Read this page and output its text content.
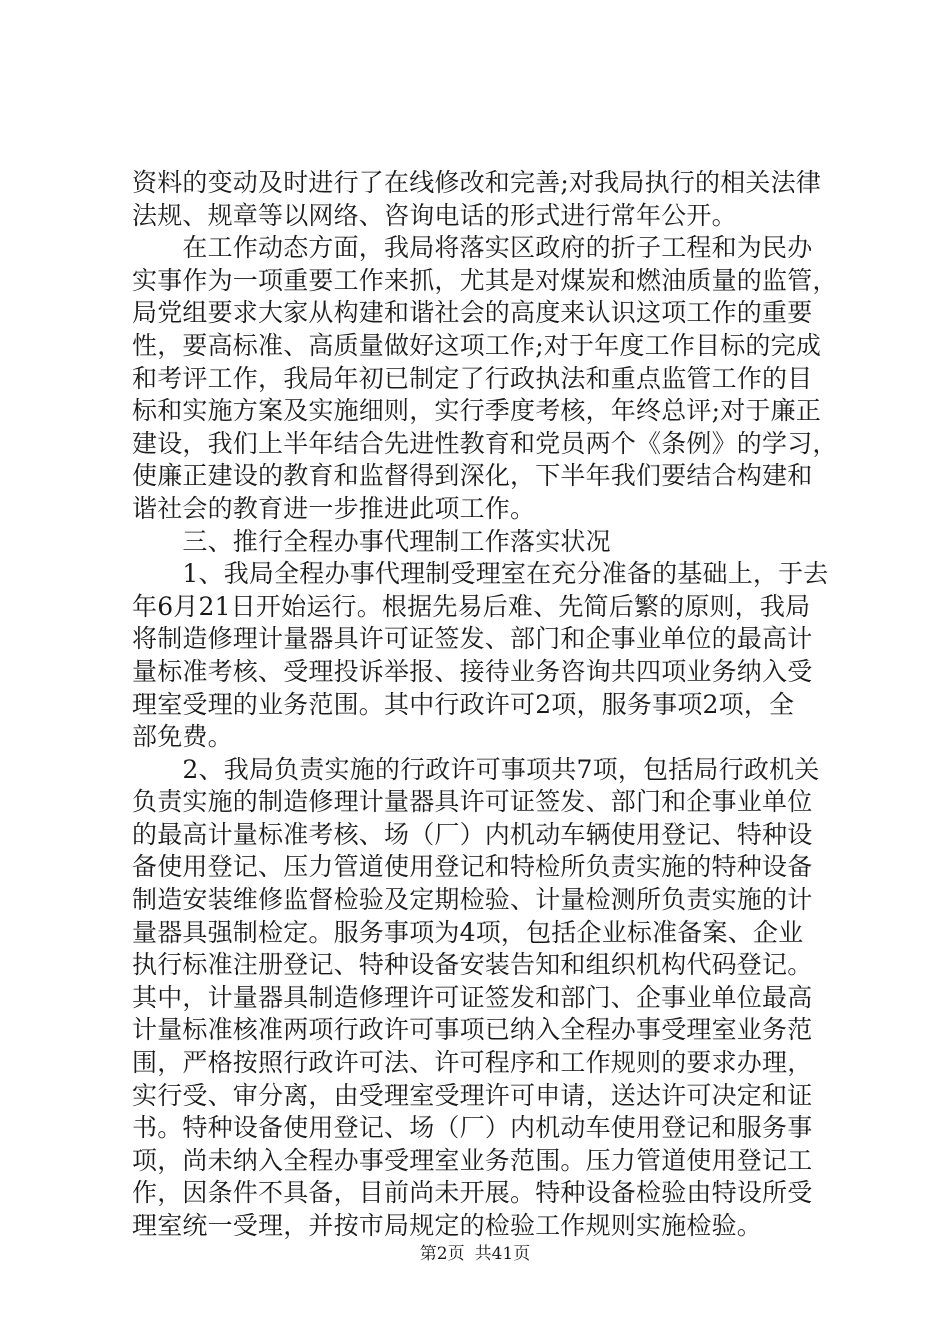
资料的变动及时进行了在线修改和完善;对我局执行的相关法律
法规、规章等以网络、咨询电话的形式进行常年公开。
　　在工作动态方面，我局将落实区政府的折子工程和为民办
实事作为一项重要工作来抓，尤其是对煤炭和燃油质量的监管，
局党组要求大家从构建和谐社会的高度来认识这项工作的重要
性，要高标准、高质量做好这项工作;对于年度工作目标的完成
和考评工作，我局年初已制定了行政执法和重点监管工作的目
标和实施方案及实施细则，实行季度考核，年终总评;对于廉正
建设，我们上半年结合先进性教育和党员两个《条例》的学习，
使廉正建设的教育和监督得到深化，下半年我们要结合构建和
谐社会的教育进一步推进此项工作。
　　三、推行全程办事代理制工作落实状况
　　1、我局全程办事代理制受理室在充分准备的基础上，于去
年6月21日开始运行。根据先易后难、先简后繁的原则，我局
将制造修理计量器具许可证签发、部门和企事业单位的最高计
量标准考核、受理投诉举报、接待业务咨询共四项业务纳入受
理室受理的业务范围。其中行政许可2项，服务事项2项，全
部免费。
　　2、我局负责实施的行政许可事项共7项，包括局行政机关
负责实施的制造修理计量器具许可证签发、部门和企事业单位
的最高计量标准考核、场（厂）内机动车辆使用登记、特种设
备使用登记、压力管道使用登记和特检所负责实施的特种设备
制造安装维修监督检验及定期检验、计量检测所负责实施的计
量器具强制检定。服务事项为4项，包括企业标准备案、企业
执行标准注册登记、特种设备安装告知和组织机构代码登记。
其中，计量器具制造修理许可证签发和部门、企事业单位最高
计量标准核准两项行政许可事项已纳入全程办事受理室业务范
围，严格按照行政许可法、许可程序和工作规则的要求办理，
实行受、审分离，由受理室受理许可申请，送达许可决定和证
书。特种设备使用登记、场（厂）内机动车使用登记和服务事
项，尚未纳入全程办事受理室业务范围。压力管道使用登记工
作，因条件不具备，目前尚未开展。特种设备检验由特设所受
理室统一受理，并按市局规定的检验工作规则实施检验。
第2页 共41页
